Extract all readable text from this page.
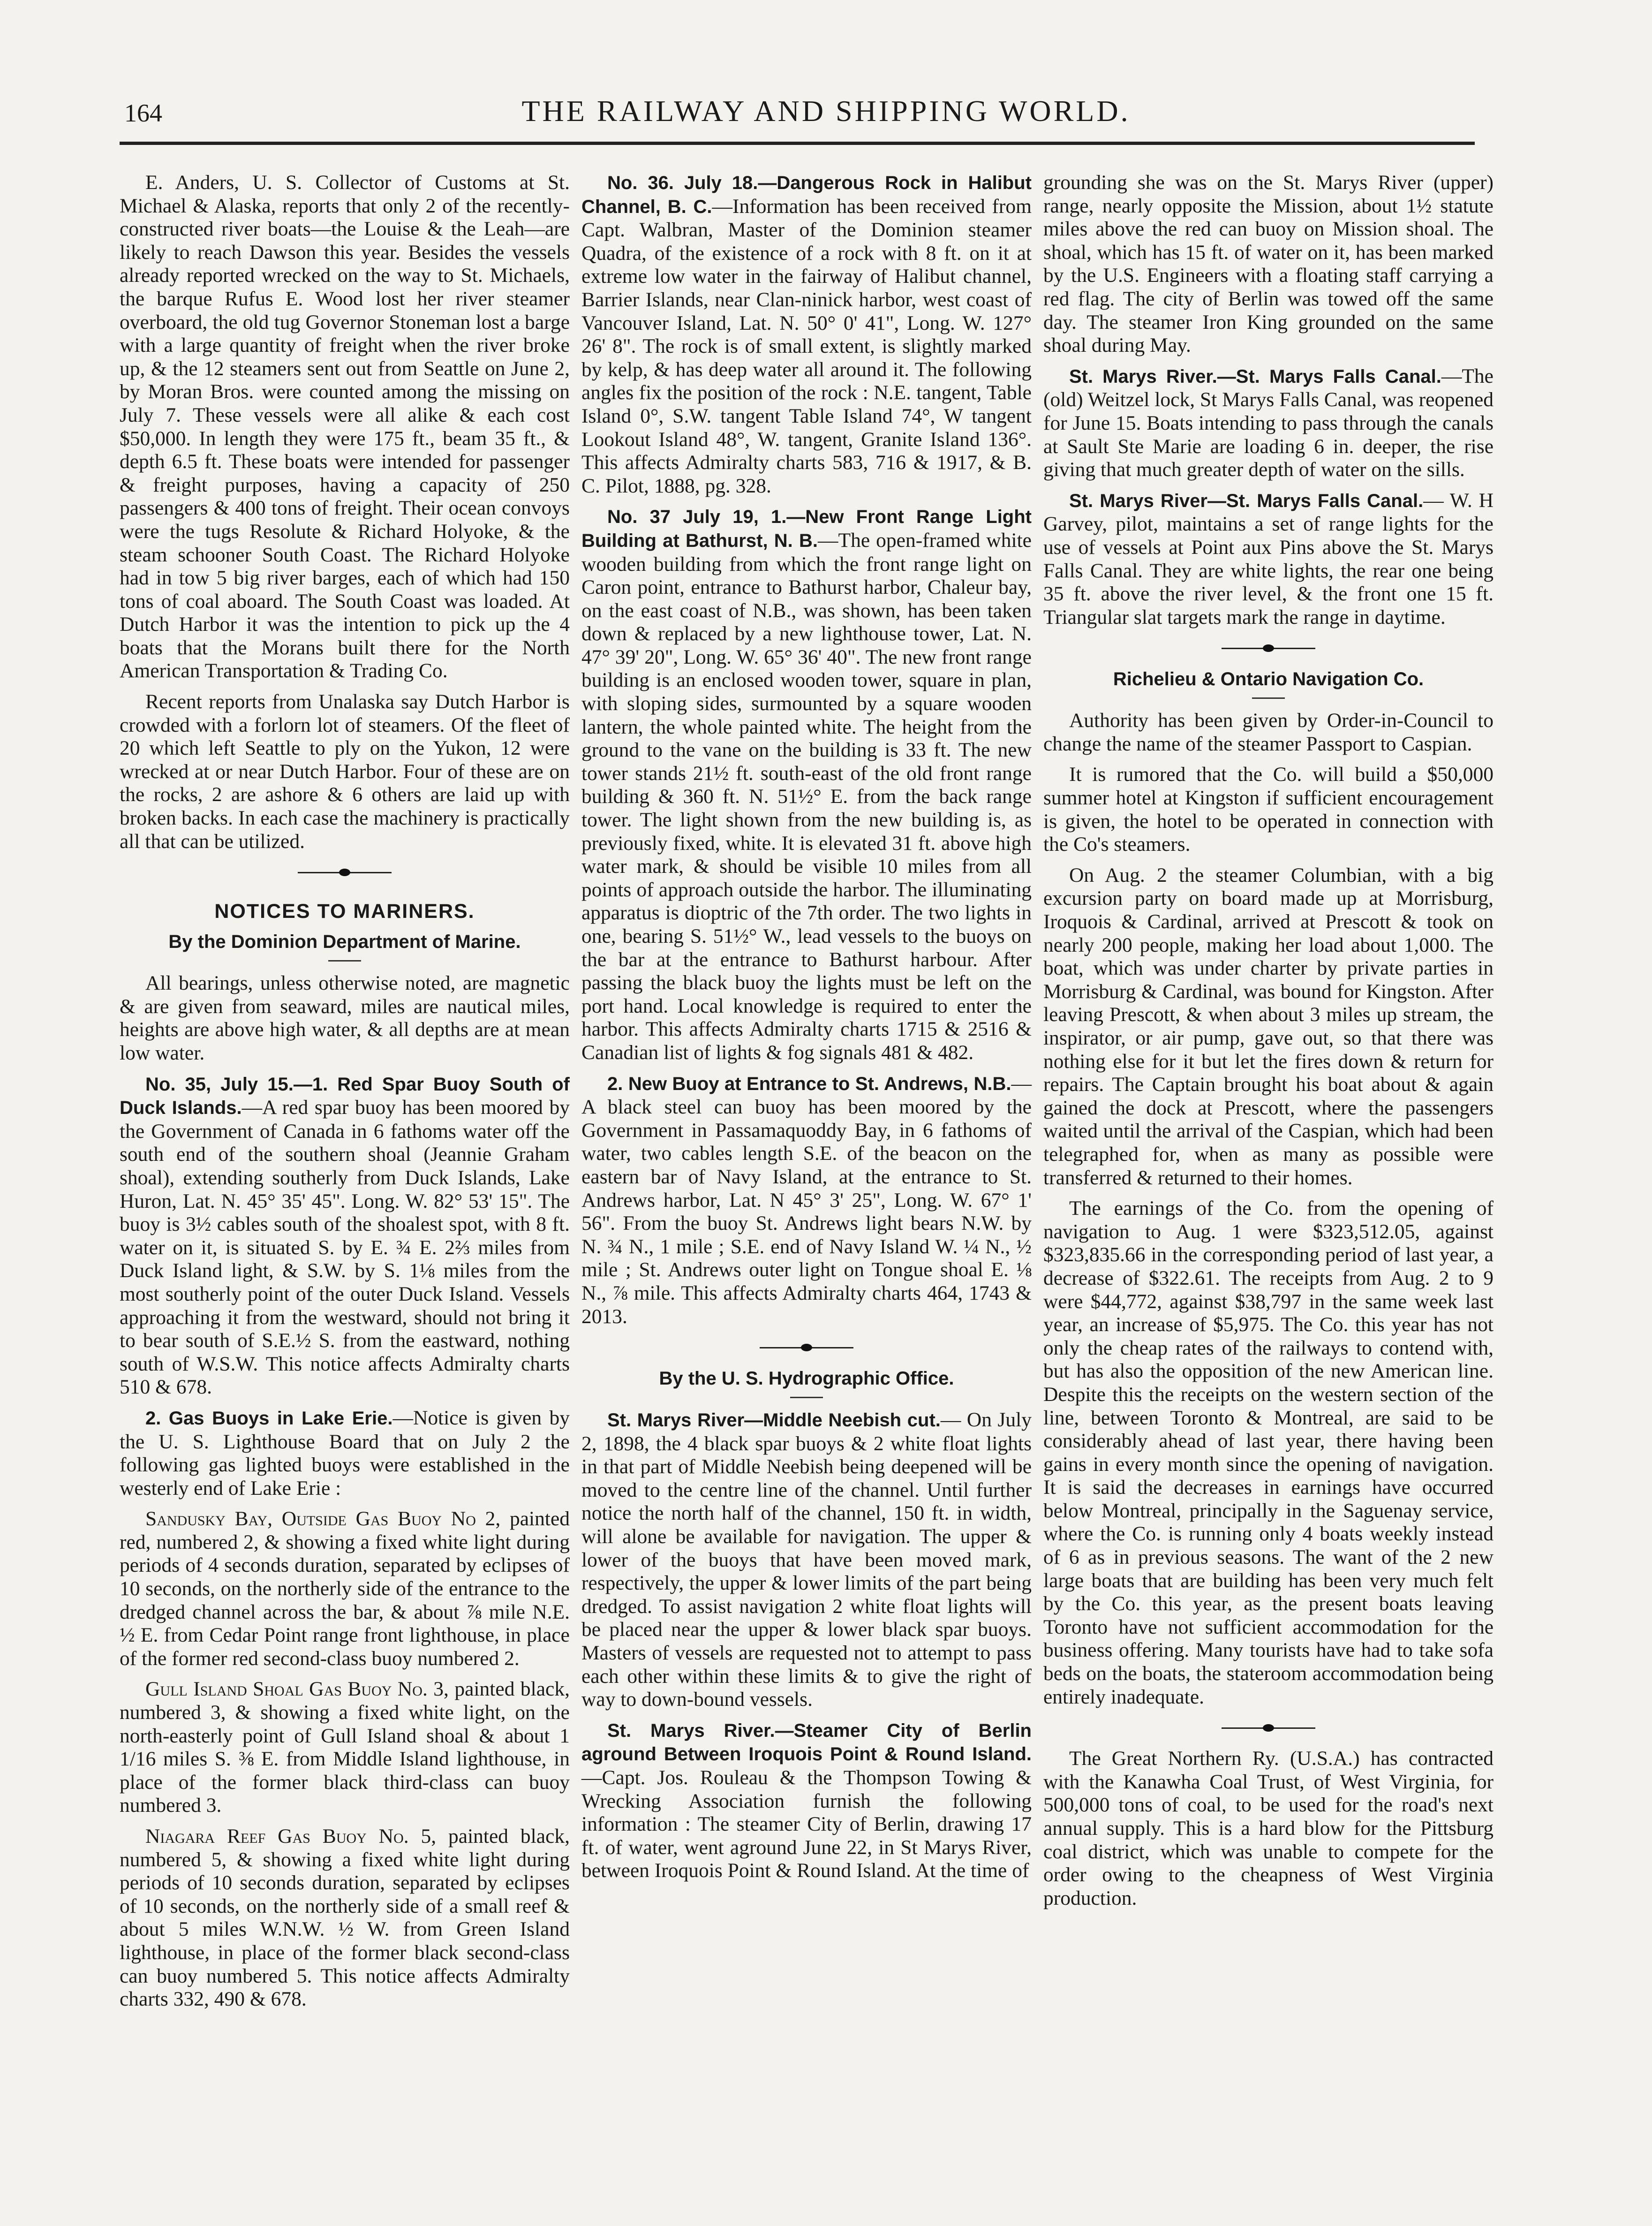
164	THE RAILWAY AND SHIPPING WORLD.

E. Anders, U. S. Collector of Customs at St. Michael & Alaska, reports that only 2 of the recently-constructed river boats—the Louise & the Leah—are likely to reach Dawson this year. Besides the vessels already reported wrecked on the way to St. Michaels, the barque Rufus E. Wood lost her river steamer overboard, the old tug Governor Stoneman lost a barge with a large quantity of freight when the river broke up, & the 12 steamers sent out from Seattle on June 2, by Moran Bros. were counted among the missing on July 7. These vessels were all alike & each cost $50,000. In length they were 175 ft., beam 35 ft., & depth 6.5 ft. These boats were intended for passenger & freight purposes, having a capacity of 250 passengers & 400 tons of freight. Their ocean convoys were the tugs Resolute & Richard Holyoke, & the steam schooner South Coast. The Richard Holyoke had in tow 5 big river barges, each of which had 150 tons of coal aboard. The South Coast was loaded. At Dutch Harbor it was the intention to pick up the 4 boats that the Morans built there for the North American Transportation & Trading Co.

Recent reports from Unalaska say Dutch Harbor is crowded with a forlorn lot of steamers. Of the fleet of 20 which left Seattle to ply on the Yukon, 12 were wrecked at or near Dutch Harbor. Four of these are on the rocks, 2 are ashore & 6 others are laid up with broken backs. In each case the machinery is practically all that can be utilized.

NOTICES TO MARINERS.
By the Dominion Department of Marine.

All bearings, unless otherwise noted, are magnetic & are given from seaward, miles are nautical miles, heights are above high water, & all depths are at mean low water.

No. 35, July 15.—1. Red Spar Buoy South of Duck Islands.—A red spar buoy has been moored by the Government of Canada in 6 fathoms water off the south end of the southern shoal (Jeannie Graham shoal), extending southerly from Duck Islands, Lake Huron, Lat. N. 45° 35' 45". Long. W. 82° 53' 15". The buoy is 3½ cables south of the shoalest spot, with 8 ft. water on it, is situated S. by E. ¾ E. 2⅔ miles from Duck Island light, & S.W. by S. 1⅛ miles from the most southerly point of the outer Duck Island. Vessels approaching it from the westward, should not bring it to bear south of S.E.½ S. from the eastward, nothing south of W.S.W. This notice affects Admiralty charts 510 & 678.

2. Gas Buoys in Lake Erie.—Notice is given by the U. S. Lighthouse Board that on July 2 the following gas lighted buoys were established in the westerly end of Lake Erie :

Sandusky Bay, Outside Gas Buoy No 2, painted red, numbered 2, & showing a fixed white light during periods of 4 seconds duration, separated by eclipses of 10 seconds, on the northerly side of the entrance to the dredged channel across the bar, & about ⅞ mile N.E. ½ E. from Cedar Point range front lighthouse, in place of the former red second-class buoy numbered 2.

Gull Island Shoal Gas Buoy No. 3, painted black, numbered 3, & showing a fixed white light, on the north-easterly point of Gull Island shoal & about 1 1/16 miles S. ⅜ E. from Middle Island lighthouse, in place of the former black third-class can buoy numbered 3.

Niagara Reef Gas Buoy No. 5, painted black, numbered 5, & showing a fixed white light during periods of 10 seconds duration, separated by eclipses of 10 seconds, on the northerly side of a small reef & about 5 miles W.N.W. ½ W. from Green Island lighthouse, in place of the former black second-class can buoy numbered 5. This notice affects Admiralty charts 332, 490 & 678.

No. 36. July 18.—Dangerous Rock in Halibut Channel, B. C.—Information has been received from Capt. Walbran, Master of the Dominion steamer Quadra, of the existence of a rock with 8 ft. on it at extreme low water in the fairway of Halibut channel, Barrier Islands, near Clan-ninick harbor, west coast of Vancouver Island, Lat. N. 50° 0' 41", Long. W. 127° 26' 8". The rock is of small extent, is slightly marked by kelp, & has deep water all around it. The following angles fix the position of the rock : N.E. tangent, Table Island 0°, S.W. tangent Table Island 74°, W tangent Lookout Island 48°, W. tangent, Granite Island 136°. This affects Admiralty charts 583, 716 & 1917, & B. C. Pilot, 1888, pg. 328.

No. 37 July 19, 1.—New Front Range Light Building at Bathurst, N. B.—The open-framed white wooden building from which the front range light on Caron point, entrance to Bathurst harbor, Chaleur bay, on the east coast of N.B., was shown, has been taken down & replaced by a new lighthouse tower, Lat. N. 47° 39' 20", Long. W. 65° 36' 40". The new front range building is an enclosed wooden tower, square in plan, with sloping sides, surmounted by a square wooden lantern, the whole painted white. The height from the ground to the vane on the building is 33 ft. The new tower stands 21½ ft. south-east of the old front range building & 360 ft. N. 51½° E. from the back range tower. The light shown from the new building is, as previously fixed, white. It is elevated 31 ft. above high water mark, & should be visible 10 miles from all points of approach outside the harbor. The illuminating apparatus is dioptric of the 7th order. The two lights in one, bearing S. 51½° W., lead vessels to the buoys on the bar at the entrance to Bathurst harbour. After passing the black buoy the lights must be left on the port hand. Local knowledge is required to enter the harbor. This affects Admiralty charts 1715 & 2516 & Canadian list of lights & fog signals 481 & 482.

2. New Buoy at Entrance to St. Andrews, N.B.— A black steel can buoy has been moored by the Government in Passamaquoddy Bay, in 6 fathoms of water, two cables length S.E. of the beacon on the eastern bar of Navy Island, at the entrance to St. Andrews harbor, Lat. N 45° 3' 25", Long. W. 67° 1' 56". From the buoy St. Andrews light bears N.W. by N. ¾ N., 1 mile ; S.E. end of Navy Island W. ¼ N., ½ mile ; St. Andrews outer light on Tongue shoal E. ⅛ N., ⅞ mile. This affects Admiralty charts 464, 1743 & 2013.

By the U. S. Hydrographic Office.

St. Marys River—Middle Neebish cut.— On July 2, 1898, the 4 black spar buoys & 2 white float lights in that part of Middle Neebish being deepened will be moved to the centre line of the channel. Until further notice the north half of the channel, 150 ft. in width, will alone be available for navigation. The upper & lower of the buoys that have been moved mark, respectively, the upper & lower limits of the part being dredged. To assist navigation 2 white float lights will be placed near the upper & lower black spar buoys. Masters of vessels are requested not to attempt to pass each other within these limits & to give the right of way to down-bound vessels.

St. Marys River.—Steamer City of Berlin aground Between Iroquois Point & Round Island.—Capt. Jos. Rouleau & the Thompson Towing & Wrecking Association furnish the following information : The steamer City of Berlin, drawing 17 ft. of water, went aground June 22, in St Marys River, between Iroquois Point & Round Island. At the time of

grounding she was on the St. Marys River (upper) range, nearly opposite the Mission, about 1½ statute miles above the red can buoy on Mission shoal. The shoal, which has 15 ft. of water on it, has been marked by the U.S. Engineers with a floating staff carrying a red flag. The city of Berlin was towed off the same day. The steamer Iron King grounded on the same shoal during May.

St. Marys River.—St. Marys Falls Canal.—The (old) Weitzel lock, St Marys Falls Canal, was reopened for June 15. Boats intending to pass through the canals at Sault Ste Marie are loading 6 in. deeper, the rise giving that much greater depth of water on the sills.

St. Marys River—St. Marys Falls Canal.— W. H Garvey, pilot, maintains a set of range lights for the use of vessels at Point aux Pins above the St. Marys Falls Canal. They are white lights, the rear one being 35 ft. above the river level, & the front one 15 ft. Triangular slat targets mark the range in daytime.

Richelieu & Ontario Navigation Co.

Authority has been given by Order-in-Council to change the name of the steamer Passport to Caspian.

It is rumored that the Co. will build a $50,000 summer hotel at Kingston if sufficient encouragement is given, the hotel to be operated in connection with the Co's steamers.

On Aug. 2 the steamer Columbian, with a big excursion party on board made up at Morrisburg, Iroquois & Cardinal, arrived at Prescott & took on nearly 200 people, making her load about 1,000. The boat, which was under charter by private parties in Morrisburg & Cardinal, was bound for Kingston. After leaving Prescott, & when about 3 miles up stream, the inspirator, or air pump, gave out, so that there was nothing else for it but let the fires down & return for repairs. The Captain brought his boat about & again gained the dock at Prescott, where the passengers waited until the arrival of the Caspian, which had been telegraphed for, when as many as possible were transferred & returned to their homes.

The earnings of the Co. from the opening of navigation to Aug. 1 were $323,512.05, against $323,835.66 in the corresponding period of last year, a decrease of $322.61. The receipts from Aug. 2 to 9 were $44,772, against $38,797 in the same week last year, an increase of $5,975. The Co. this year has not only the cheap rates of the railways to contend with, but has also the opposition of the new American line. Despite this the receipts on the western section of the line, between Toronto & Montreal, are said to be considerably ahead of last year, there having been gains in every month since the opening of navigation. It is said the decreases in earnings have occurred below Montreal, principally in the Saguenay service, where the Co. is running only 4 boats weekly instead of 6 as in previous seasons. The want of the 2 new large boats that are building has been very much felt by the Co. this year, as the present boats leaving Toronto have not sufficient accommodation for the business offering. Many tourists have had to take sofa beds on the boats, the stateroom accommodation being entirely inadequate.

The Great Northern Ry. (U.S.A.) has contracted with the Kanawha Coal Trust, of West Virginia, for 500,000 tons of coal, to be used for the road's next annual supply. This is a hard blow for the Pittsburg coal district, which was unable to compete for the order owing to the cheapness of West Virginia production.
